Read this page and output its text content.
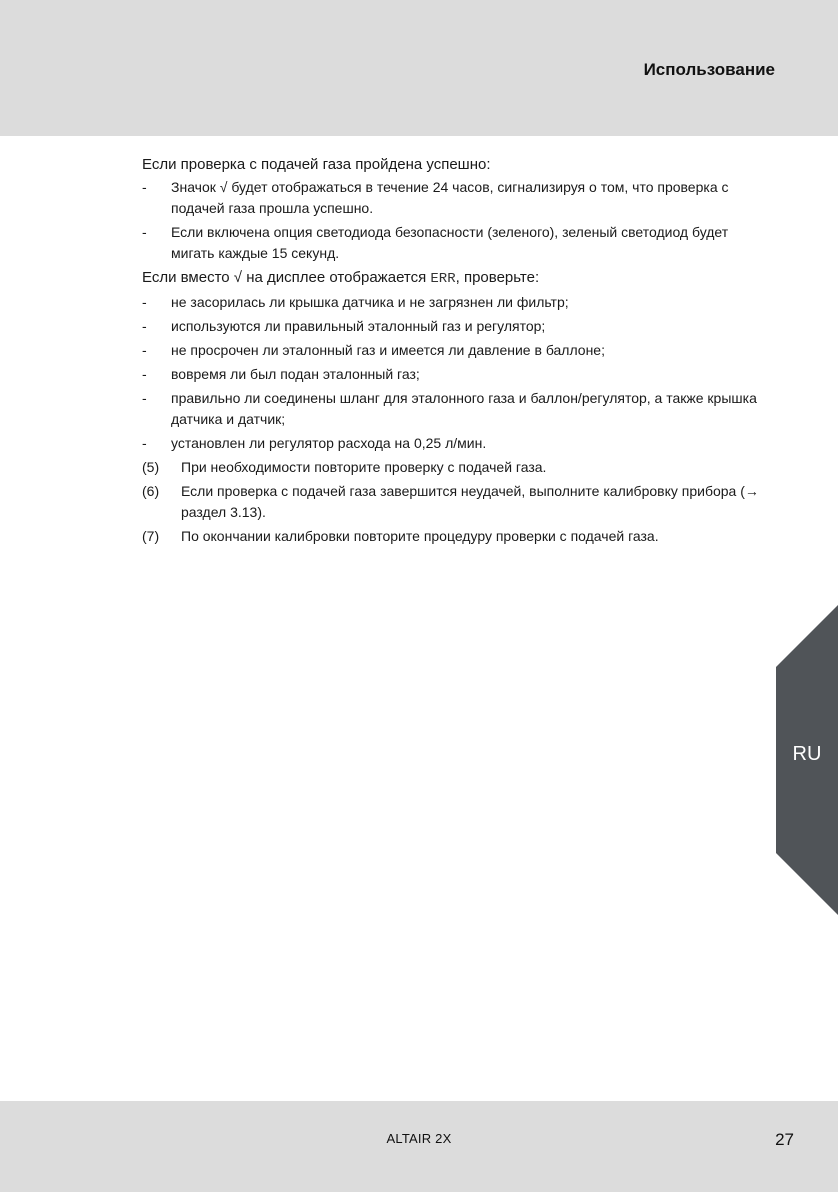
Использование

Если проверка с подачей газа пройдена успешно:

- Значок √ будет отображаться в течение 24 часов, сигнализируя о том, что проверка с подачей газа прошла успешно.
- Если включена опция светодиода безопасности (зеленого), зеленый светодиод будет мигать каждые 15 секунд.

Если вместо √ на дисплее отображается ERR, проверьте:

- не засорилась ли крышка датчика и не загрязнен ли фильтр;
- используются ли правильный эталонный газ и регулятор;
- не просрочен ли эталонный газ и имеется ли давление в баллоне;
- вовремя ли был подан эталонный газ;
- правильно ли соединены шланг для эталонного газа и баллон/регулятор, а также крышка датчика и датчик;
- установлен ли регулятор расхода на 0,25 л/мин.
(5) При необходимости повторите проверку с подачей газа.
(6) Если проверка с подачей газа завершится неудачей, выполните калибровку прибора (→ раздел 3.13).
(7) По окончании калибровки повторите процедуру проверки с подачей газа.
RU
ALTAIR 2X	27
